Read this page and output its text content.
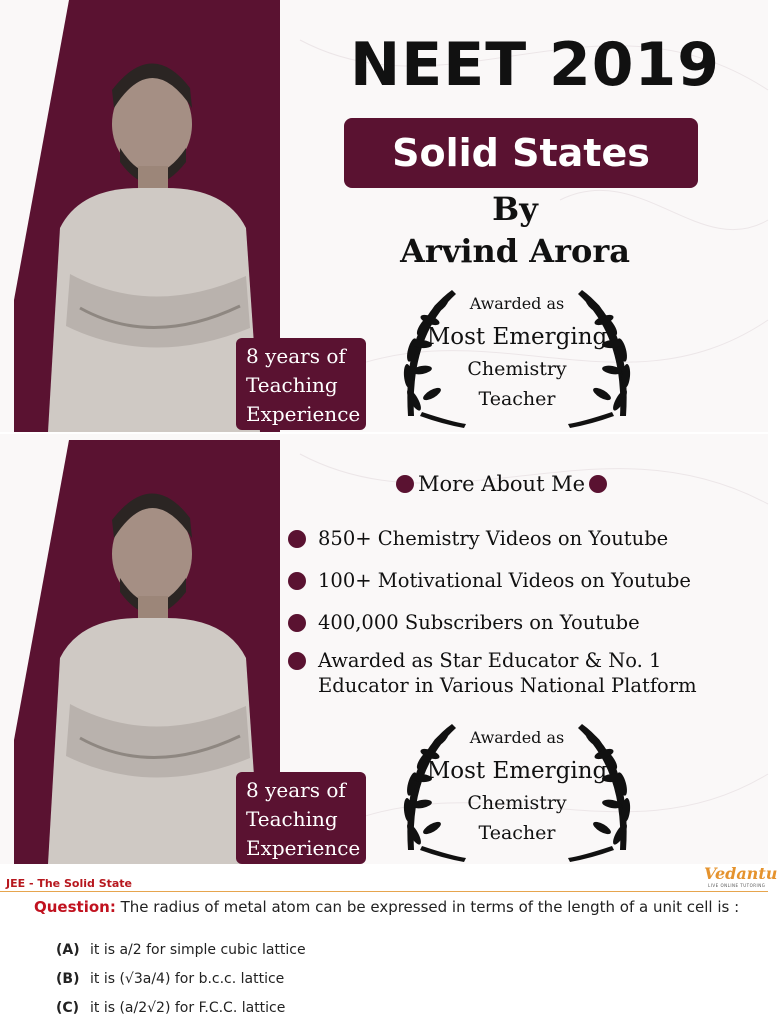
8 years of
Teaching
Experience
NEET 2019
Solid States
By
Arvind Arora
Awarded as
Most Emerging
Chemistry
Teacher
8 years of
Teaching
Experience
More About Me
850+ Chemistry Videos on Youtube
100+ Motivational Videos on Youtube
400,000 Subscribers on Youtube
Awarded as Star Educator & No. 1 Educator in Various National Platform
Awarded as
Most Emerging
Chemistry
Teacher
JEE - The Solid State
Vedantu
LIVE ONLINE TUTORING
Question: The radius of metal atom can be expressed in terms of the length of a unit cell is :
(A) it is a/2 for simple cubic lattice
(B) it is (√3a/4) for b.c.c. lattice
(C) it is (a/2√2) for F.C.C. lattice
